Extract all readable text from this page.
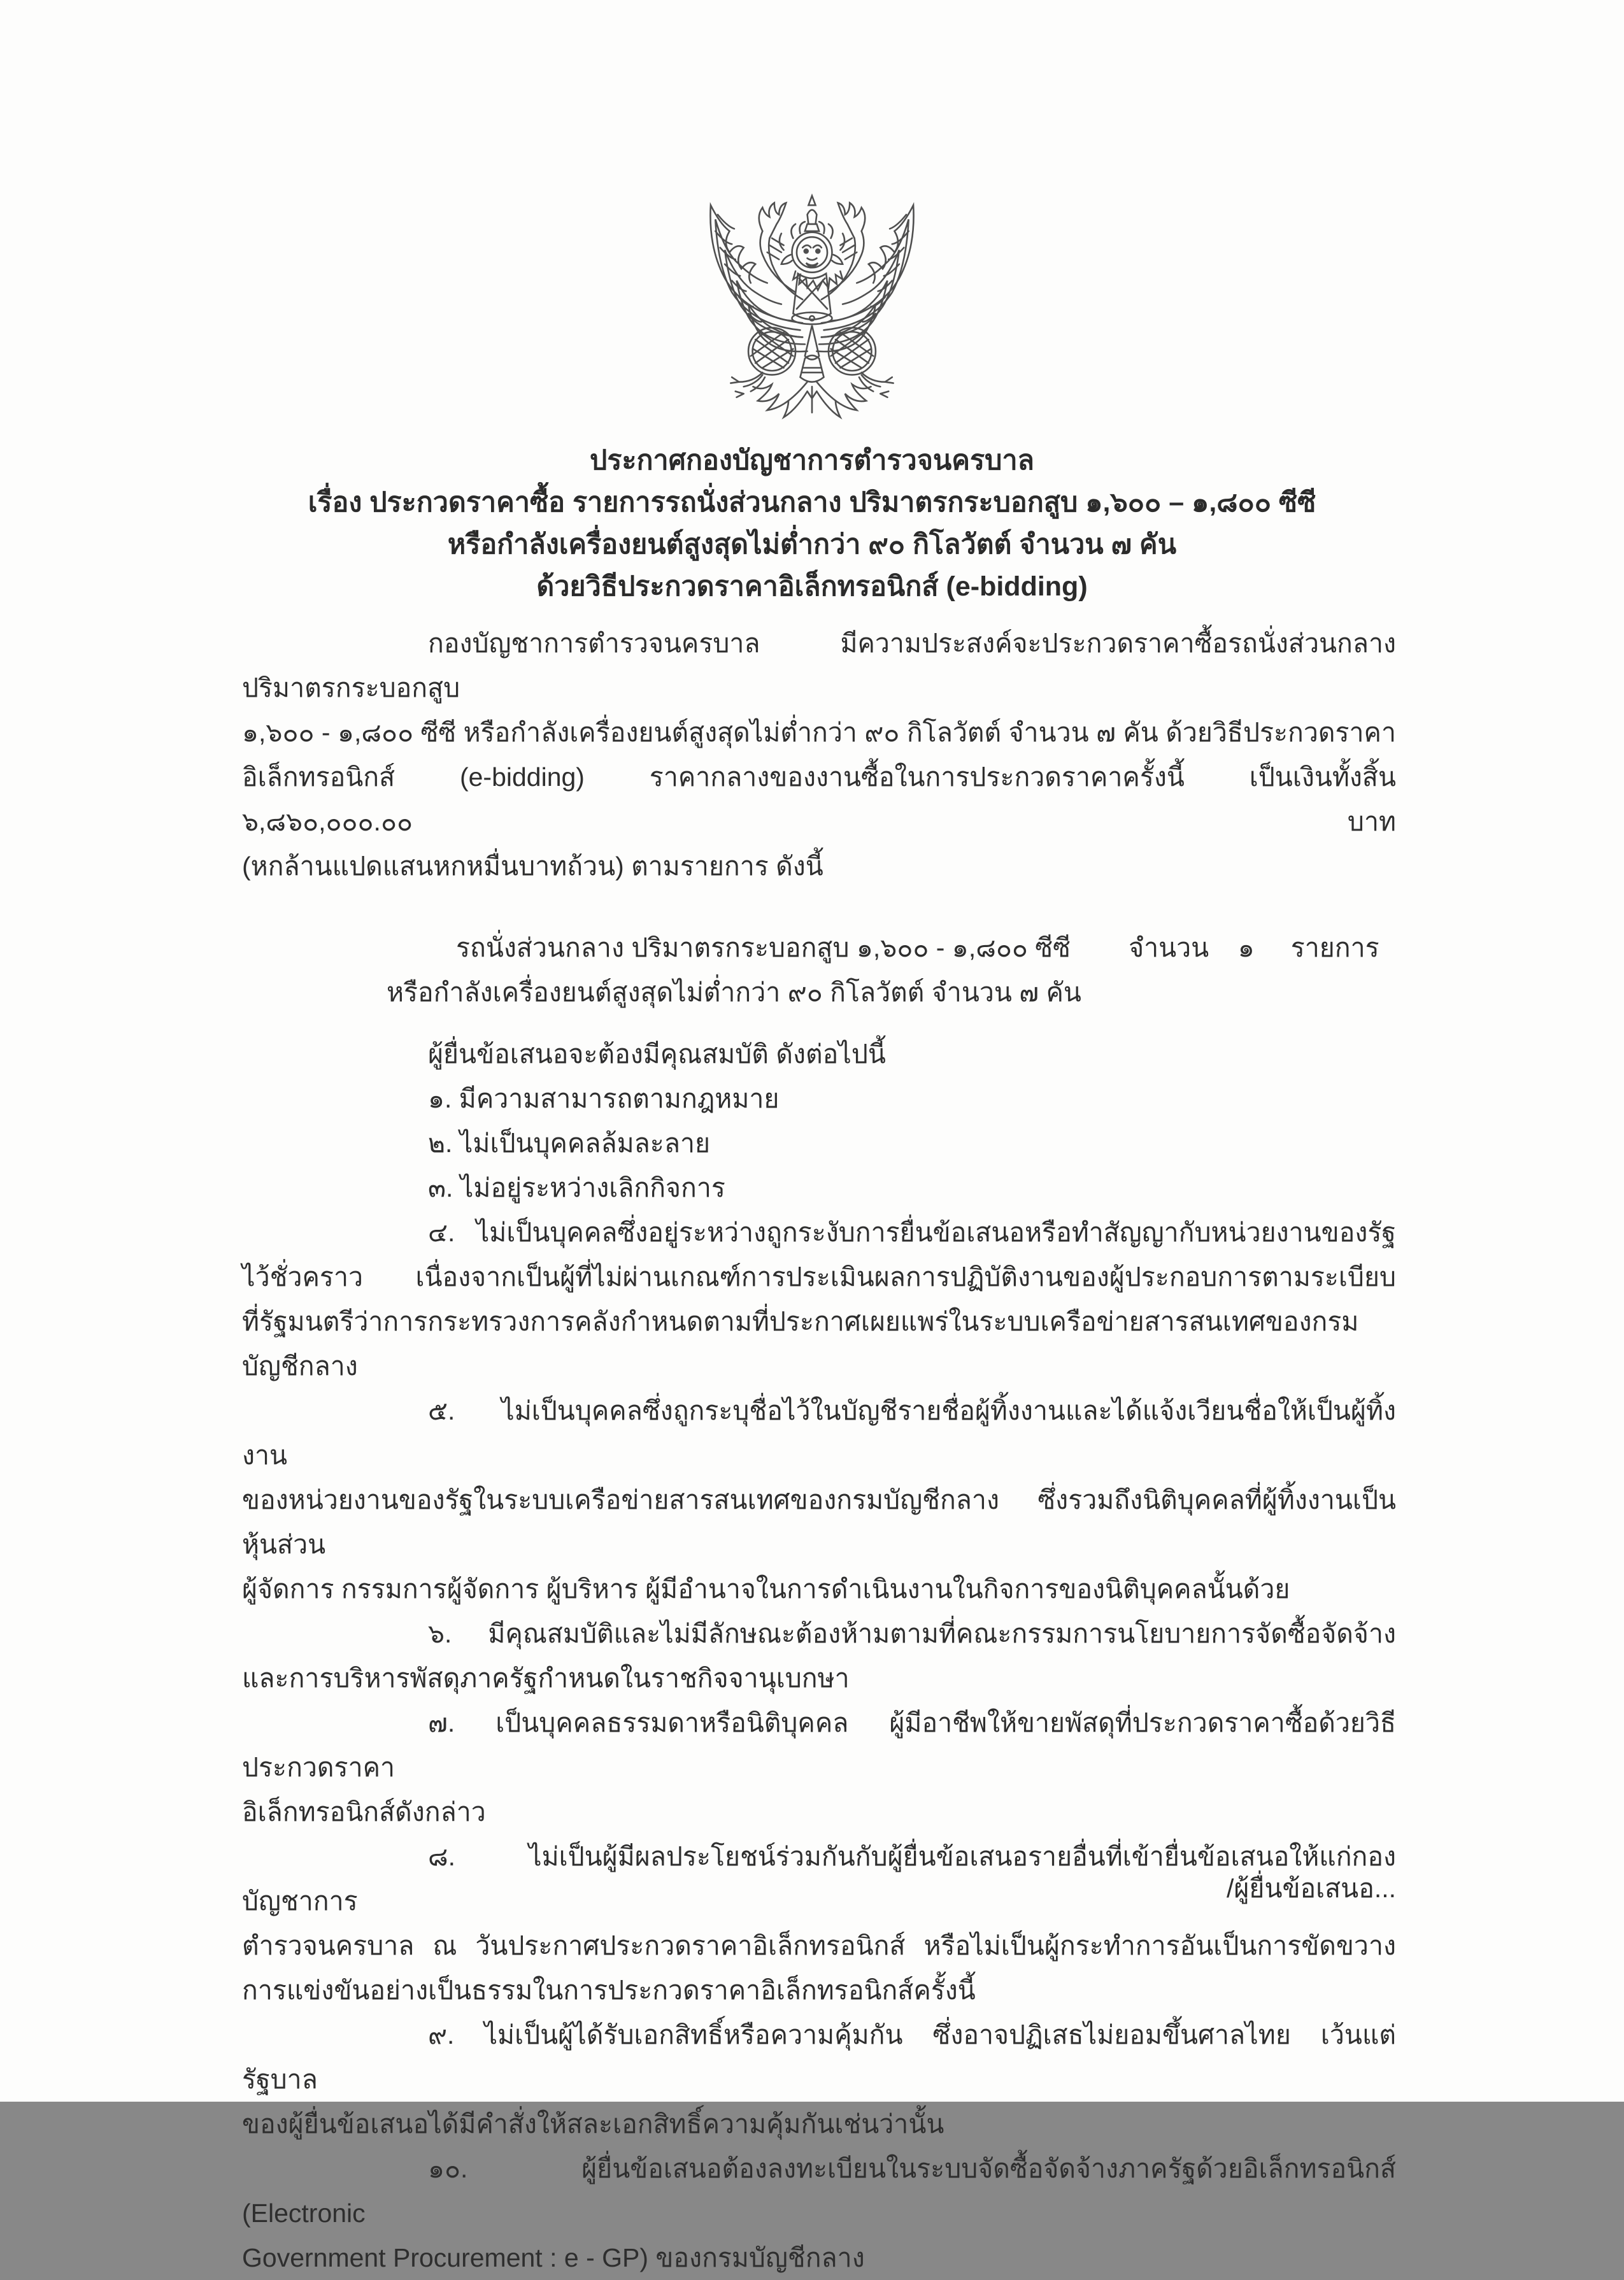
ประกาศกองบัญชาการตำรวจนครบาล
เรื่อง ประกวดราคาซื้อ รายการรถนั่งส่วนกลาง ปริมาตรกระบอกสูบ ๑,๖๐๐ – ๑,๘๐๐ ซีซี
หรือกำลังเครื่องยนต์สูงสุดไม่ต่ำกว่า ๙๐ กิโลวัตต์ จำนวน ๗ คัน
ด้วยวิธีประกวดราคาอิเล็กทรอนิกส์ (e-bidding)
กองบัญชาการตำรวจนครบาล มีความประสงค์จะประกวดราคาซื้อรถนั่งส่วนกลาง ปริมาตรกระบอกสูบ
๑,๖๐๐ - ๑,๘๐๐ ซีซี หรือกำลังเครื่องยนต์สูงสุดไม่ต่ำกว่า ๙๐ กิโลวัตต์ จำนวน ๗ คัน ด้วยวิธีประกวดราคา
อิเล็กทรอนิกส์ (e-bidding) ราคากลางของงานซื้อในการประกวดราคาครั้งนี้ เป็นเงินทั้งสิ้น ๖,๘๖๐,๐๐๐.๐๐ บาท
(หกล้านแปดแสนหกหมื่นบาทถ้วน) ตามรายการ ดังนี้
รถนั่งส่วนกลาง ปริมาตรกระบอกสูบ ๑,๖๐๐ - ๑,๘๐๐ ซีซี        จำนวน    ๑     รายการ
หรือกำลังเครื่องยนต์สูงสุดไม่ต่ำกว่า ๙๐ กิโลวัตต์ จำนวน ๗ คัน
ผู้ยื่นข้อเสนอจะต้องมีคุณสมบัติ ดังต่อไปนี้
๑. มีความสามารถตามกฎหมาย
๒. ไม่เป็นบุคคลล้มละลาย
๓. ไม่อยู่ระหว่างเลิกกิจการ
๔. ไม่เป็นบุคคลซึ่งอยู่ระหว่างถูกระงับการยื่นข้อเสนอหรือทำสัญญากับหน่วยงานของรัฐ
ไว้ชั่วคราว เนื่องจากเป็นผู้ที่ไม่ผ่านเกณฑ์การประเมินผลการปฏิบัติงานของผู้ประกอบการตามระเบียบ
ที่รัฐมนตรีว่าการกระทรวงการคลังกำหนดตามที่ประกาศเผยแพร่ในระบบเครือข่ายสารสนเทศของกรมบัญชีกลาง
๕. ไม่เป็นบุคคลซึ่งถูกระบุชื่อไว้ในบัญชีรายชื่อผู้ทิ้งงานและได้แจ้งเวียนชื่อให้เป็นผู้ทิ้งงาน
ของหน่วยงานของรัฐในระบบเครือข่ายสารสนเทศของกรมบัญชีกลาง ซึ่งรวมถึงนิติบุคคลที่ผู้ทิ้งงานเป็นหุ้นส่วน
ผู้จัดการ กรรมการผู้จัดการ ผู้บริหาร ผู้มีอำนาจในการดำเนินงานในกิจการของนิติบุคคลนั้นด้วย
๖. มีคุณสมบัติและไม่มีลักษณะต้องห้ามตามที่คณะกรรมการนโยบายการจัดซื้อจัดจ้าง
และการบริหารพัสดุภาครัฐกำหนดในราชกิจจานุเบกษา
๗. เป็นบุคคลธรรมดาหรือนิติบุคคล ผู้มีอาชีพให้ขายพัสดุที่ประกวดราคาซื้อด้วยวิธีประกวดราคา
อิเล็กทรอนิกส์ดังกล่าว
๘. ไม่เป็นผู้มีผลประโยชน์ร่วมกันกับผู้ยื่นข้อเสนอรายอื่นที่เข้ายื่นข้อเสนอให้แก่กองบัญชาการ
ตำรวจนครบาล ณ วันประกาศประกวดราคาอิเล็กทรอนิกส์ หรือไม่เป็นผู้กระทำการอันเป็นการขัดขวาง
การแข่งขันอย่างเป็นธรรมในการประกวดราคาอิเล็กทรอนิกส์ครั้งนี้
๙. ไม่เป็นผู้ได้รับเอกสิทธิ์หรือความคุ้มกัน ซึ่งอาจปฏิเสธไม่ยอมขึ้นศาลไทย เว้นแต่รัฐบาล
ของผู้ยื่นข้อเสนอได้มีคำสั่งให้สละเอกสิทธิ์ความคุ้มกันเช่นว่านั้น
๑๐. ผู้ยื่นข้อเสนอต้องลงทะเบียนในระบบจัดซื้อจัดจ้างภาครัฐด้วยอิเล็กทรอนิกส์ (Electronic
Government Procurement : e - GP) ของกรมบัญชีกลาง
/ผู้ยื่นข้อเสนอ...
